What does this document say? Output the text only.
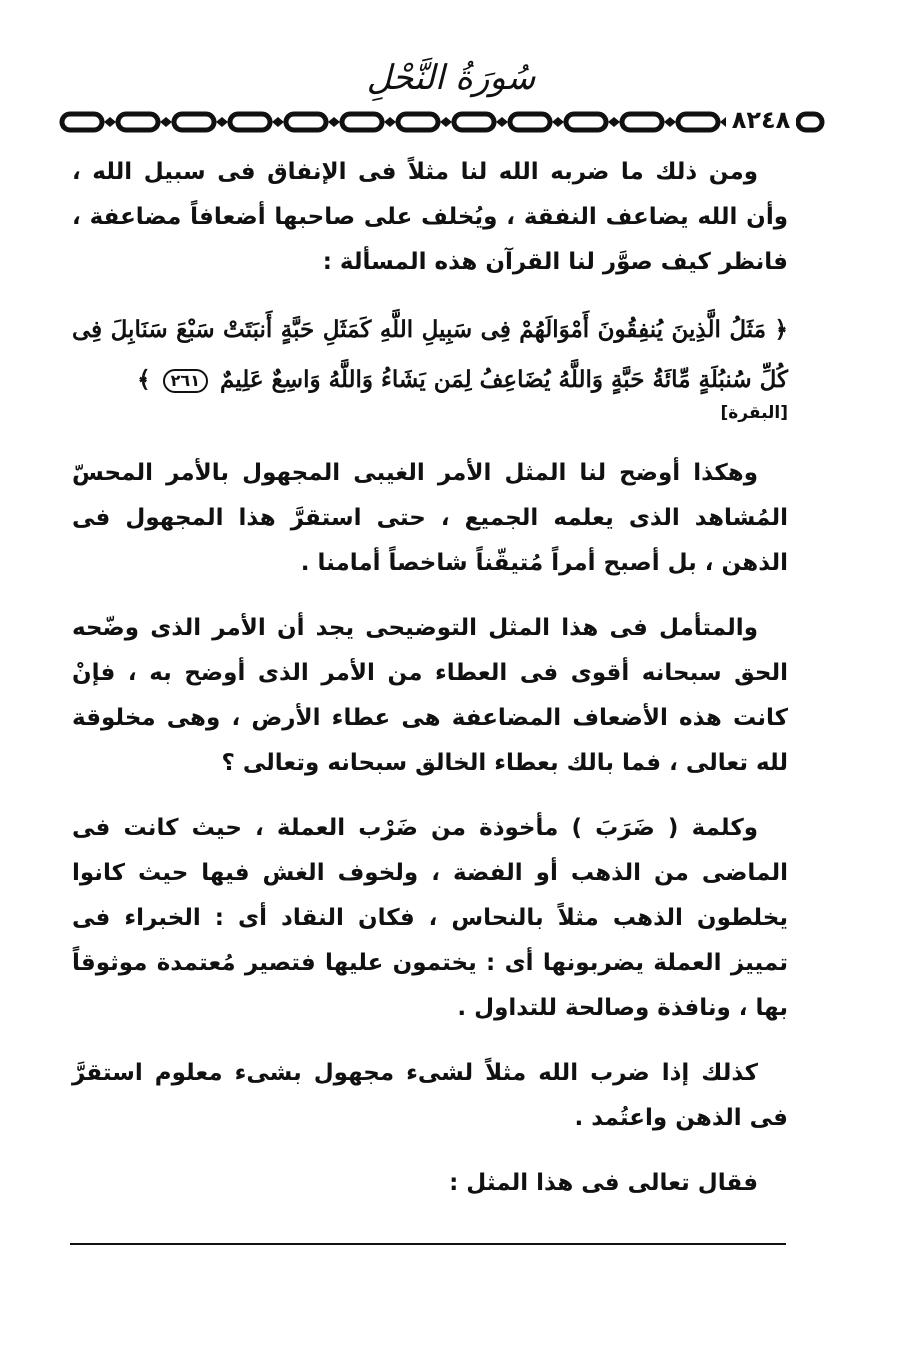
سُورَةُ النَّحْلِ
٨٢٤٨

ومن ذلك ما ضربه الله لنا مثلاً فى الإنفاق فى سبيل الله ، وأن الله يضاعف النفقة ، ويُخلف على صاحبها أضعافاً مضاعفة ، فانظر كيف صوَّر لنا القرآن هذه المسألة :

﴿ مَثَلُ الَّذِينَ يُنفِقُونَ أَمْوَالَهُمْ فِى سَبِيلِ اللَّهِ كَمَثَلِ حَبَّةٍ أَنبَتَتْ سَبْعَ سَنَابِلَ فِى كُلِّ سُنبُلَةٍ مِّائَةُ حَبَّةٍ وَاللَّهُ يُضَاعِفُ لِمَن يَشَاءُ وَاللَّهُ وَاسِعٌ عَلِيمٌ ٢٦١ ﴾

[البقرة]

وهكذا أوضح لنا المثل الأمر الغيبى المجهول بالأمر المحسّ المُشاهد الذى يعلمه الجميع ، حتى استقرَّ هذا المجهول فى الذهن ، بل أصبح أمراً مُتيقّناً شاخصاً أمامنا .

والمتأمل فى هذا المثل التوضيحى يجد أن الأمر الذى وضّحه الحق سبحانه أقوى فى العطاء من الأمر الذى أوضح به ، فإنْ كانت هذه الأضعاف المضاعفة هى عطاء الأرض ، وهى مخلوقة لله تعالى ، فما بالك بعطاء الخالق سبحانه وتعالى ؟

وكلمة ( ضَرَبَ ) مأخوذة من ضَرْب العملة ، حيث كانت فى الماضى من الذهب أو الفضة ، ولخوف الغش فيها حيث كانوا يخلطون الذهب مثلاً بالنحاس ، فكان النقاد أى : الخبراء فى تمييز العملة يضربونها أى : يختمون عليها فتصير مُعتمدة موثوقاً بها ، ونافذة وصالحة للتداول .

كذلك إذا ضرب الله مثلاً لشىء مجهول بشىء معلوم استقرَّ فى الذهن واعتُمد .

فقال تعالى فى هذا المثل :
